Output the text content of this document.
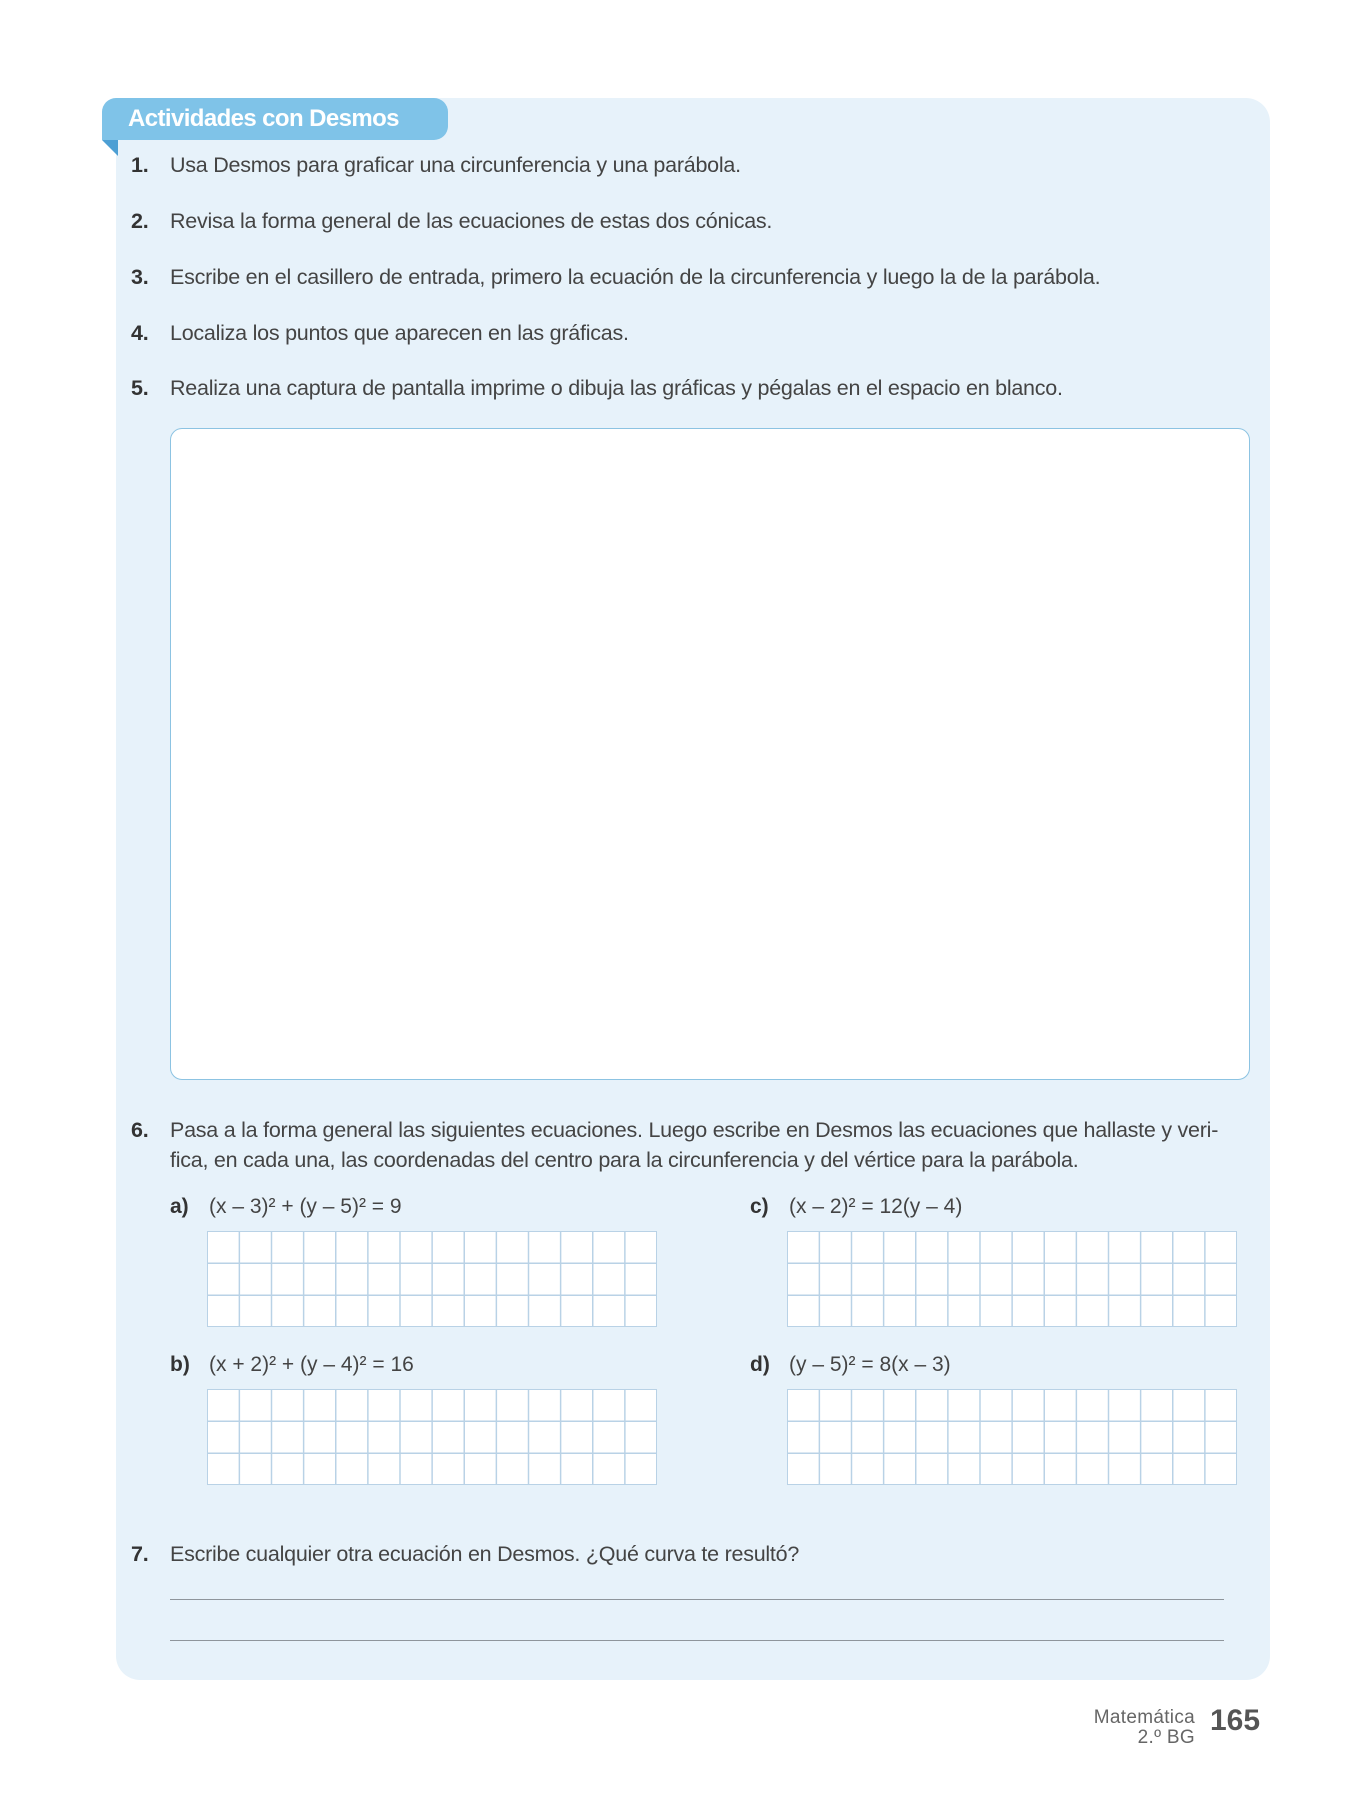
Actividades con Desmos
1. Usa Desmos para graficar una circunferencia y una parábola.
2. Revisa la forma general de las ecuaciones de estas dos cónicas.
3. Escribe en el casillero de entrada, primero la ecuación de la circunferencia y luego la de la parábola.
4. Localiza los puntos que aparecen en las gráficas.
5. Realiza una captura de pantalla imprime o dibuja las gráficas y pégalas en el espacio en blanco.
6. Pasa a la forma general las siguientes ecuaciones. Luego escribe en Desmos las ecuaciones que hallaste y veri-
fica, en cada una, las coordenadas del centro para la circunferencia y del vértice para la parábola.
a) (x – 3)² + (y – 5)² = 9
b) (x + 2)² + (y – 4)² = 16
c) (x – 2)² = 12(y – 4)
d) (y – 5)² = 8(x – 3)
7. Escribe cualquier otra ecuación en Desmos. ¿Qué curva te resultó?
Matemática
2.º BG
165
